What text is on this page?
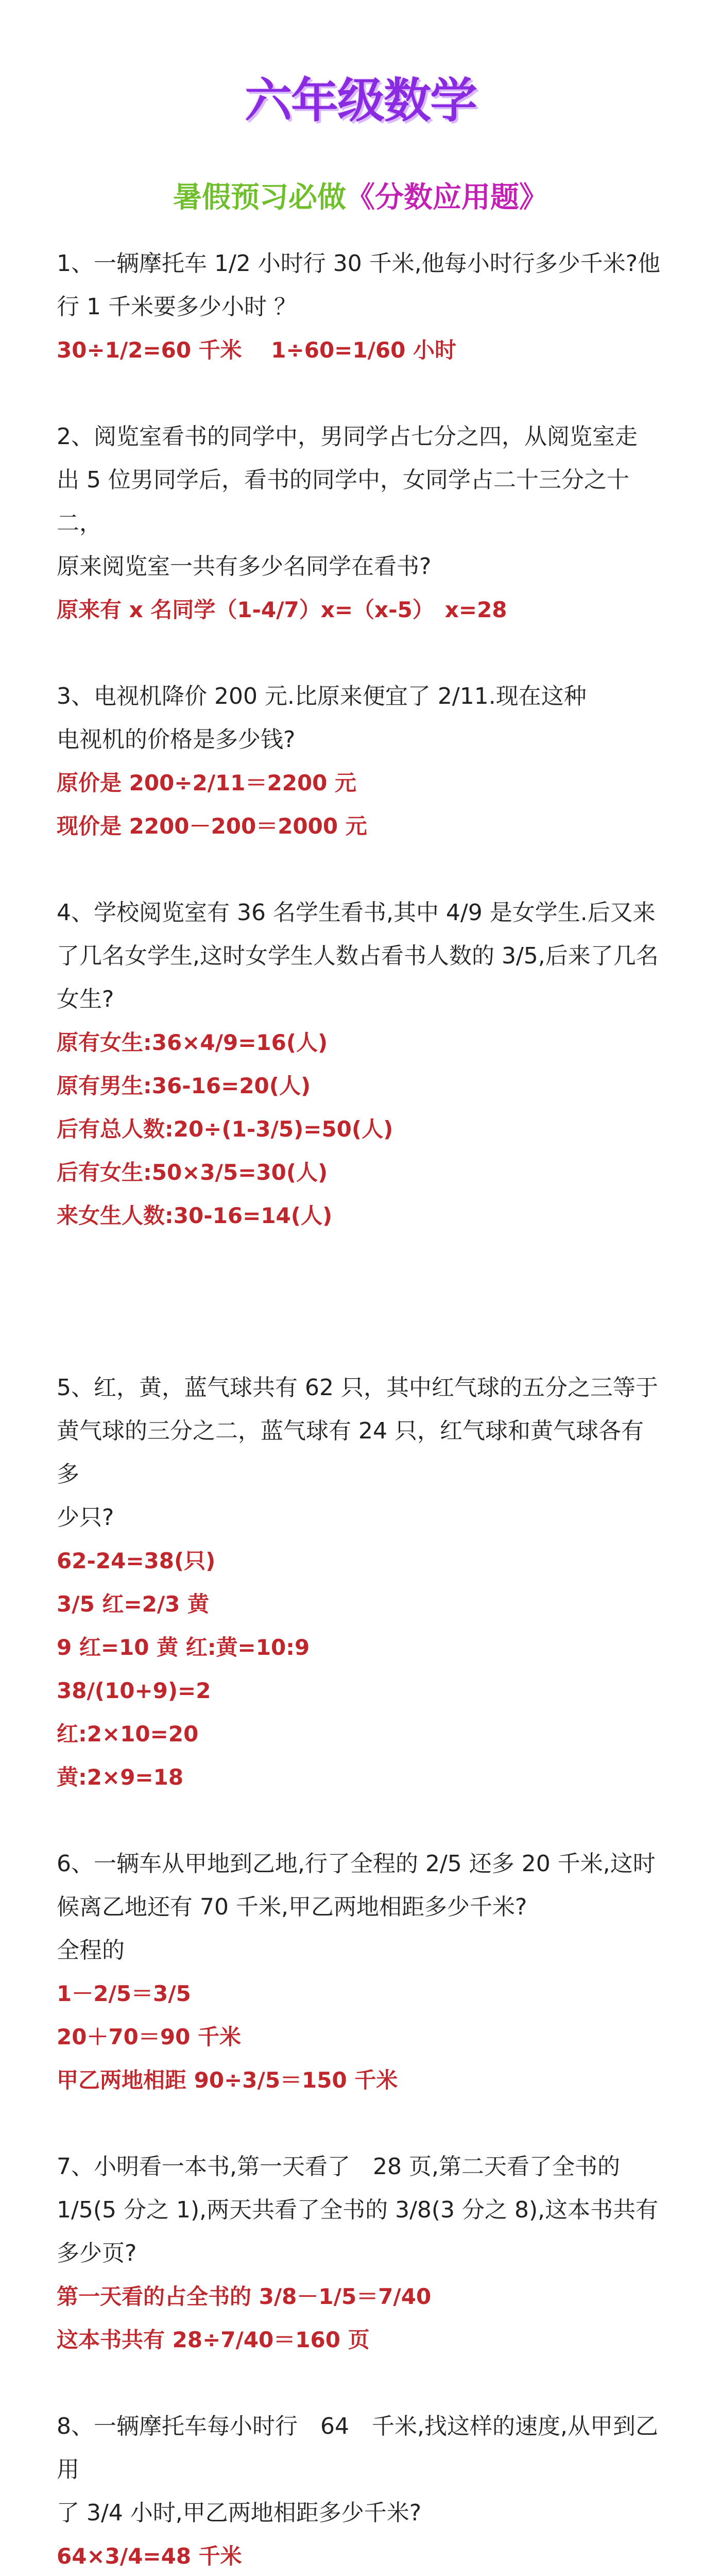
六年级数学
暑假预习必做《分数应用题》

1、一辆摩托车 1/2 小时行 30 千米,他每小时行多少千米?他

行 1 千米要多少小时 ？

30÷1/2=60 千米　 1÷60=1/60 小时

2、阅览室看书的同学中，男同学占七分之四，从阅览室走

出 5 位男同学后，看书的同学中，女同学占二十三分之十二，

原来阅览室一共有多少名同学在看书?

原来有 x 名同学（1-4/7）x=（x-5）　x=28

3、电视机降价 200 元.比原来便宜了 2/11.现在这种

电视机的价格是多少钱?

原价是 200÷2/11＝2200 元

现价是 2200－200＝2000 元

4、学校阅览室有 36 名学生看书,其中 4/9 是女学生.后又来

了几名女学生,这时女学生人数占看书人数的 3/5,后来了几名

女生?

原有女生:36×4/9=16(人)

原有男生:36-16=20(人)

后有总人数:20÷(1-3/5)=50(人)

后有女生:50×3/5=30(人)

来女生人数:30-16=14(人)

5、红，黄，蓝气球共有 62 只，其中红气球的五分之三等于

黄气球的三分之二，蓝气球有 24 只，红气球和黄气球各有多

少只?

62-24=38(只)

3/5 红=2/3 黄

9 红=10 黄 红:黄=10:9

38/(10+9)=2

红:2×10=20

黄:2×9=18

6、一辆车从甲地到乙地,行了全程的 2/5 还多 20 千米,这时

候离乙地还有 70 千米,甲乙两地相距多少千米?

全程的

1－2/5＝3/5

20＋70＝90 千米

甲乙两地相距 90÷3/5＝150 千米

7、小明看一本书,第一天看了　28 页,第二天看了全书的

1/5(5 分之 1),两天共看了全书的 3/8(3 分之 8),这本书共有

多少页?

第一天看的占全书的 3/8－1/5＝7/40

这本书共有 28÷7/40＝160 页

8、一辆摩托车每小时行　64　千米,找这样的速度,从甲到乙用

了 3/4 小时,甲乙两地相距多少千米?

64×3/4=48 千米
